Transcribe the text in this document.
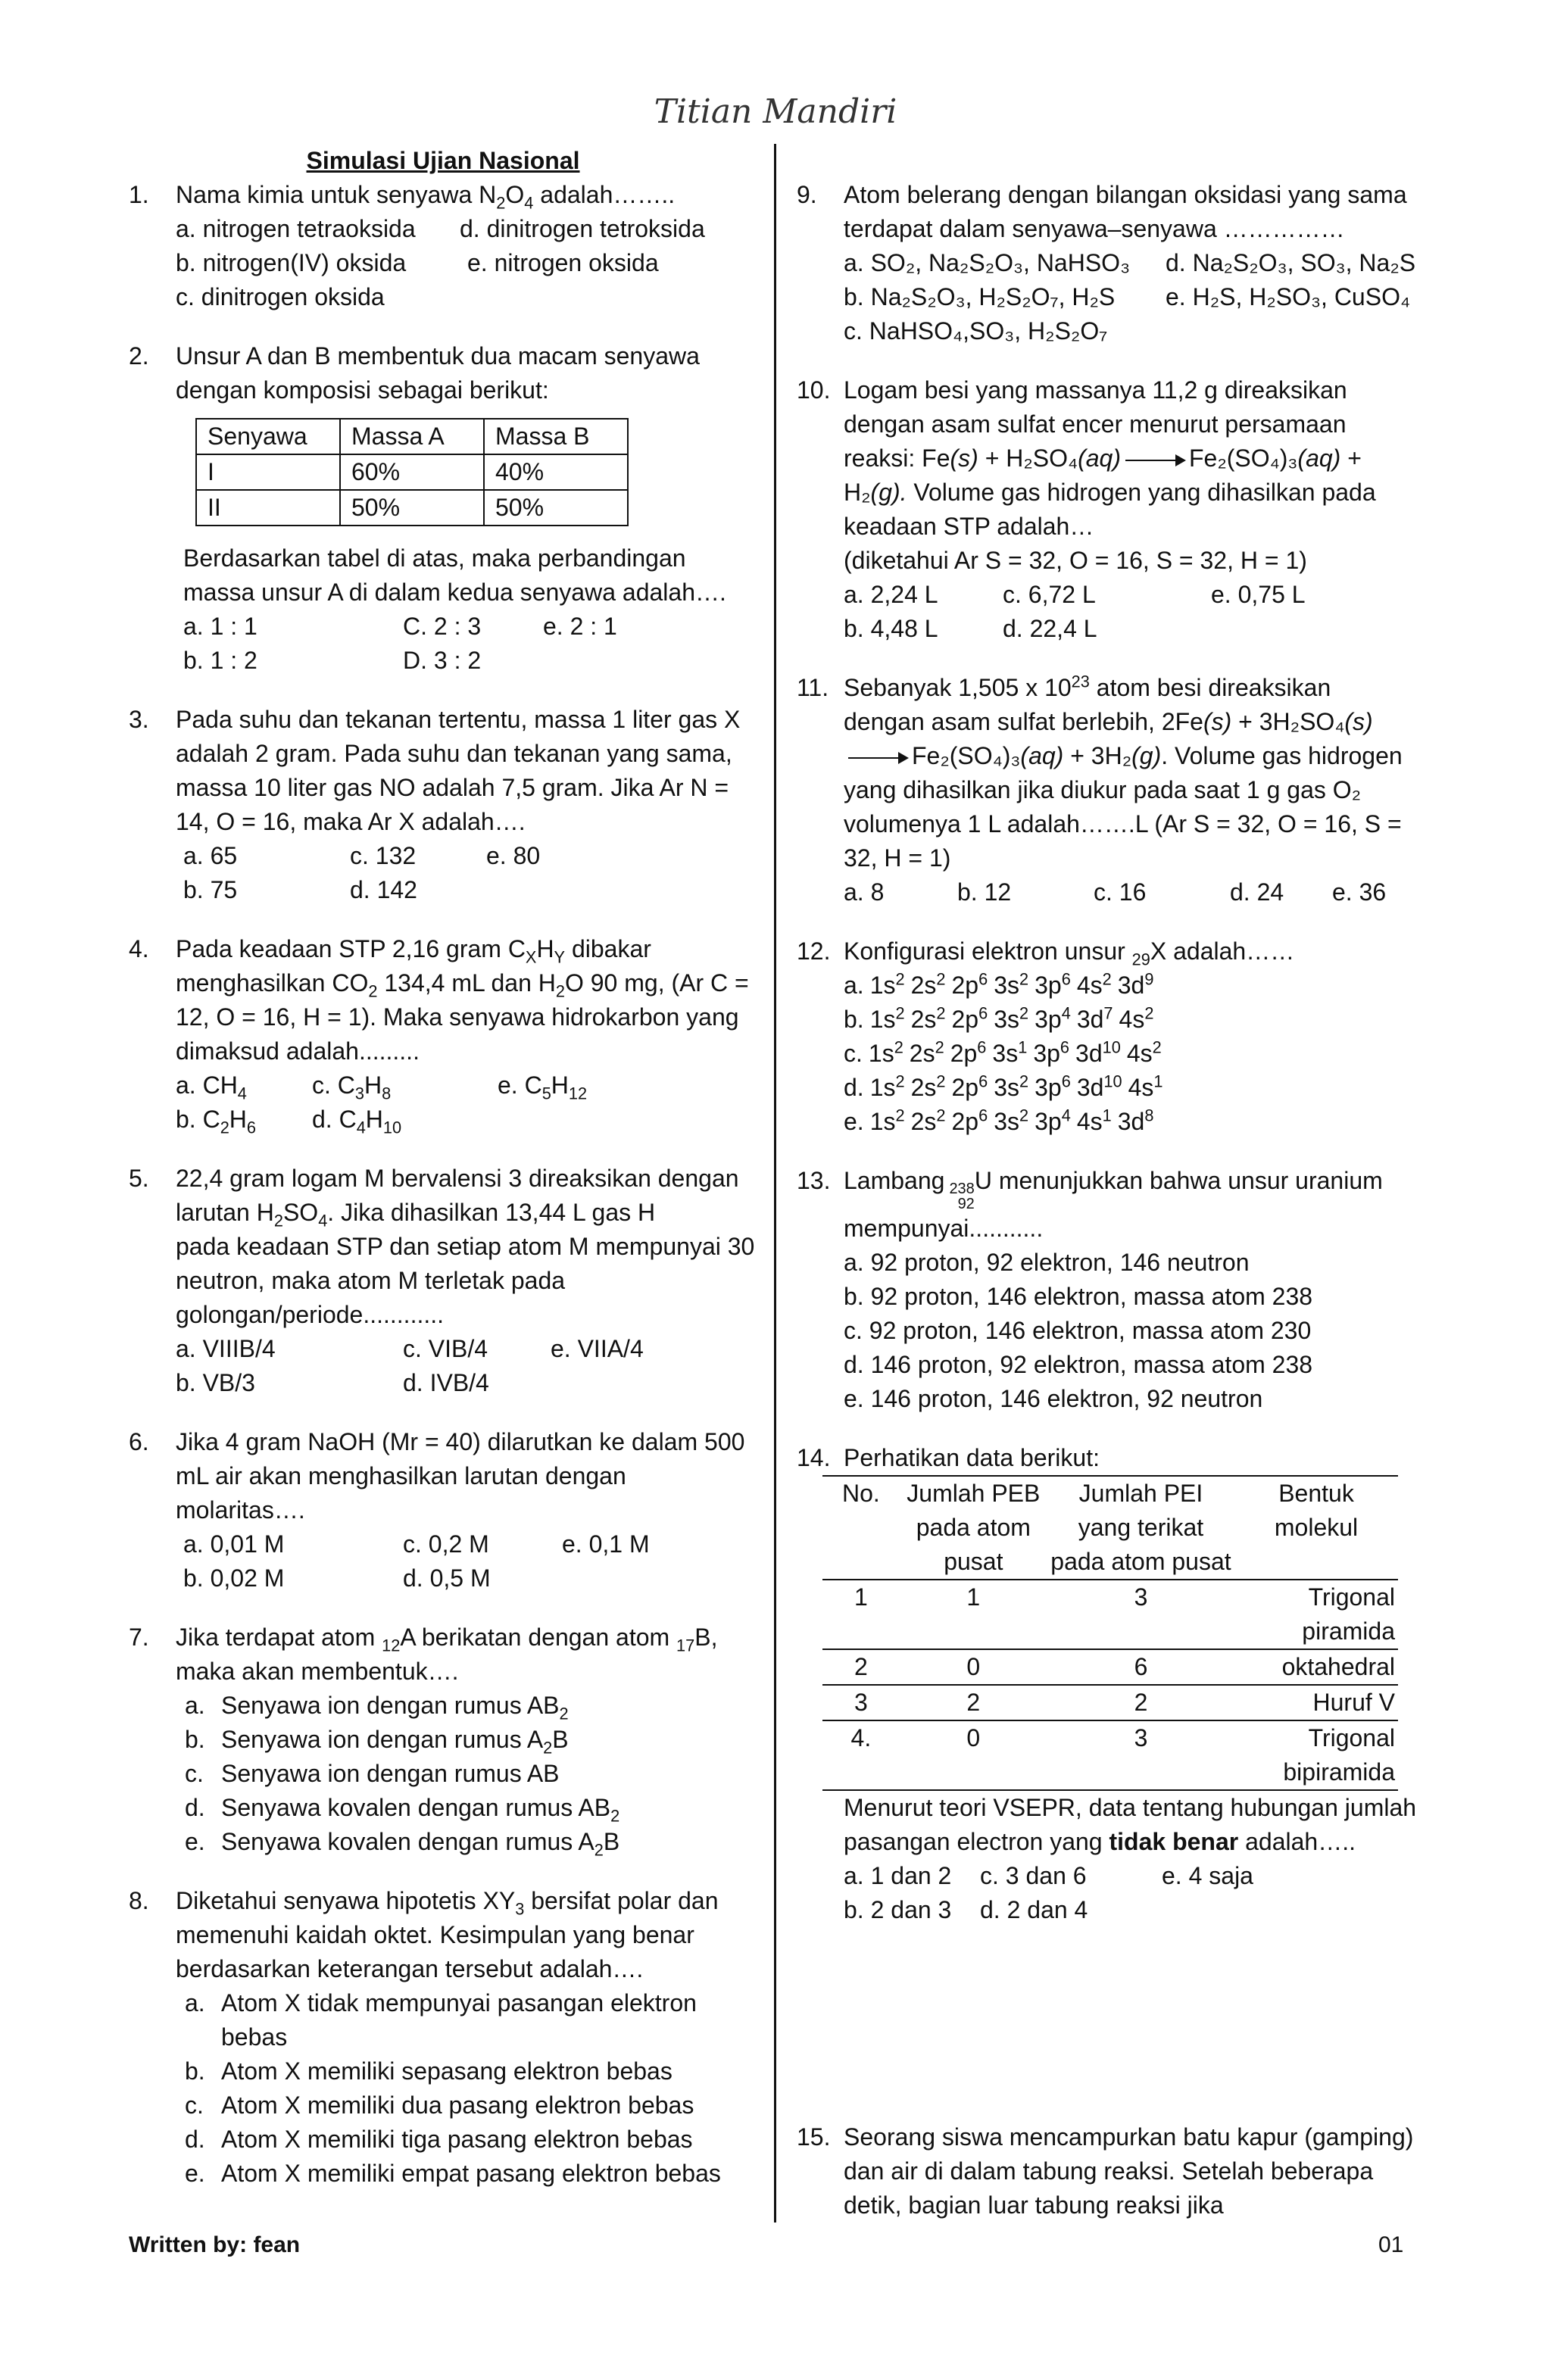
Titian Mandiri
Simulasi Ujian Nasional
1. Nama kimia untuk senyawa $N_2O_4$ adalah……..
a. nitrogen tetraoksida	d. dinitrogen tetroksida
b. nitrogen(IV) oksida	e. nitrogen oksida
c. dinitrogen oksida
2. Unsur A dan B membentuk dua macam senyawa dengan komposisi sebagai berikut:
Senyawa	Massa A	Massa B
I	60%	40%
II	50%	50%
Berdasarkan tabel di atas, maka perbandingan massa unsur A di dalam kedua senyawa adalah….
a. 1 : 1	C. 2 : 3	e. 2 : 1
b. 1 : 2	D. 3 : 2
3. Pada suhu dan tekanan tertentu, massa 1 liter gas X adalah 2 gram. Pada suhu dan tekanan yang sama, massa 10 liter gas NO adalah 7,5 gram. Jika Ar N = 14, O = 16, maka Ar X adalah….
a. 65	c. 132	e. 80
b. 75	d. 142
4. Pada keadaan STP 2,16 gram $C_XH_Y$ dibakar menghasilkan $CO_2$ 134,4 mL dan $H_2O$ 90 mg, (Ar C = 12, O = 16, H = 1). Maka senyawa hidrokarbon yang dimaksud adalah.........
a. $CH_4$	c. $C_3H_8$	e. $C_5H_{12}$
b. $C_2H_6$	d. $C_4H_{10}$
5. 22,4 gram logam M bervalensi 3 direaksikan dengan larutan $H_2SO_4$. Jika dihasilkan 13,44 L gas H
pada keadaan STP dan setiap atom M mempunyai 30 neutron, maka atom M terletak pada golongan/periode............
a. VIIIB/4	c. VIB/4	e. VIIA/4
b. VB/3	d. IVB/4
6. Jika 4 gram NaOH (Mr = 40) dilarutkan ke dalam 500 mL air akan menghasilkan larutan dengan molaritas….
a. 0,01 M	c. 0,2 M	e. 0,1 M
b. 0,02 M	d. 0,5 M
7. Jika terdapat atom $_{12}$A berikatan dengan atom $_{17}$B, maka akan membentuk….
a. Senyawa ion dengan rumus $AB_2$
b. Senyawa ion dengan rumus $A_2B$
c. Senyawa ion dengan rumus AB
d. Senyawa kovalen dengan rumus $AB_2$
e. Senyawa kovalen dengan rumus $A_2B$
8. Diketahui senyawa hipotetis $XY_3$ bersifat polar dan memenuhi kaidah oktet. Kesimpulan yang benar berdasarkan keterangan tersebut adalah….
a. Atom X tidak mempunyai pasangan elektron bebas
b. Atom X memiliki sepasang elektron bebas
c. Atom X memiliki dua pasang elektron bebas
d. Atom X memiliki tiga pasang elektron bebas
e. Atom X memiliki empat pasang elektron bebas
9. Atom belerang dengan bilangan oksidasi yang sama terdapat dalam senyawa–senyawa ……………
a. SO₂, Na₂S₂O₃, NaHSO₃	d. Na₂S₂O₃, SO₃, Na₂S
b. Na₂S₂O₃, H₂S₂O₇, H₂S	e. H₂S, H₂SO₃, CuSO₄
c. NaHSO₄,SO₃, H₂S₂O₇
10. Logam besi yang massanya 11,2 g direaksikan dengan asam sulfat encer menurut persamaan reaksi: Fe(s) + H₂SO₄(aq) → Fe₂(SO₄)₃(aq) + H₂(g). Volume gas hidrogen yang dihasilkan pada keadaan STP adalah…
(diketahui Ar S = 32, O = 16, S = 32, H = 1)
a. 2,24 L	c. 6,72 L	e. 0,75 L
b. 4,48 L	d. 22,4 L
11. Sebanyak 1,505 x $10^{23}$ atom besi direaksikan dengan asam sulfat berlebih, 2Fe(s) + 3H₂SO₄(s)
→ Fe₂(SO₄)₃(aq) + 3H₂(g). Volume gas hidrogen yang dihasilkan jika diukur pada saat 1 g gas O₂ volumenya 1 L adalah…….L (Ar S = 32, O = 16, S = 32, H = 1)
a. 8	b. 12	c. 16	d. 24	e. 36
12. Konfigurasi elektron unsur $_{29}$X adalah……
a. $1s^2$ $2s^2$ $2p^6$ $3s^2$ $3p^6$ $4s^2$ $3d^9$
b. $1s^2$ $2s^2$ $2p^6$ $3s^2$ $3p^4$ $3d^7$ $4s^2$
c. $1s^2$ $2s^2$ $2p^6$ $3s^1$ $3p^6$ $3d^{10}$ $4s^2$
d. $1s^2$ $2s^2$ $2p^6$ $3s^2$ $3p^6$ $3d^{10}$ $4s^1$
e. $1s^2$ $2s^2$ $2p^6$ $3s^2$ $3p^4$ $4s^1$ $3d^8$
13. Lambang 238
92
U menunjukkan bahwa unsur uranium mempunyai...........
a. 92 proton, 92 elektron, 146 neutron
b. 92 proton, 146 elektron, massa atom 238
c. 92 proton, 146 elektron, massa atom 230
d. 146 proton, 92 elektron, massa atom 238
e. 146 proton, 146 elektron, 92 neutron
14. Perhatikan data berikut:
No.	Jumlah PEB pada atom pusat	Jumlah PEI yang terikat pada atom pusat	Bentuk molekul
1	1	3	Trigonal piramida
2	0	6	oktahedral
3	2	2	Huruf V
4.	0	3	Trigonal bipiramida
Menurut teori VSEPR, data tentang hubungan jumlah pasangan electron yang tidak benar adalah…..
a. 1 dan 2	c. 3 dan 6	e. 4 saja
b. 2 dan 3	d. 2 dan 4
15. Seorang siswa mencampurkan batu kapur (gamping) dan air di dalam tabung reaksi. Setelah beberapa detik, bagian luar tabung reaksi jika
Written by: fean	01
